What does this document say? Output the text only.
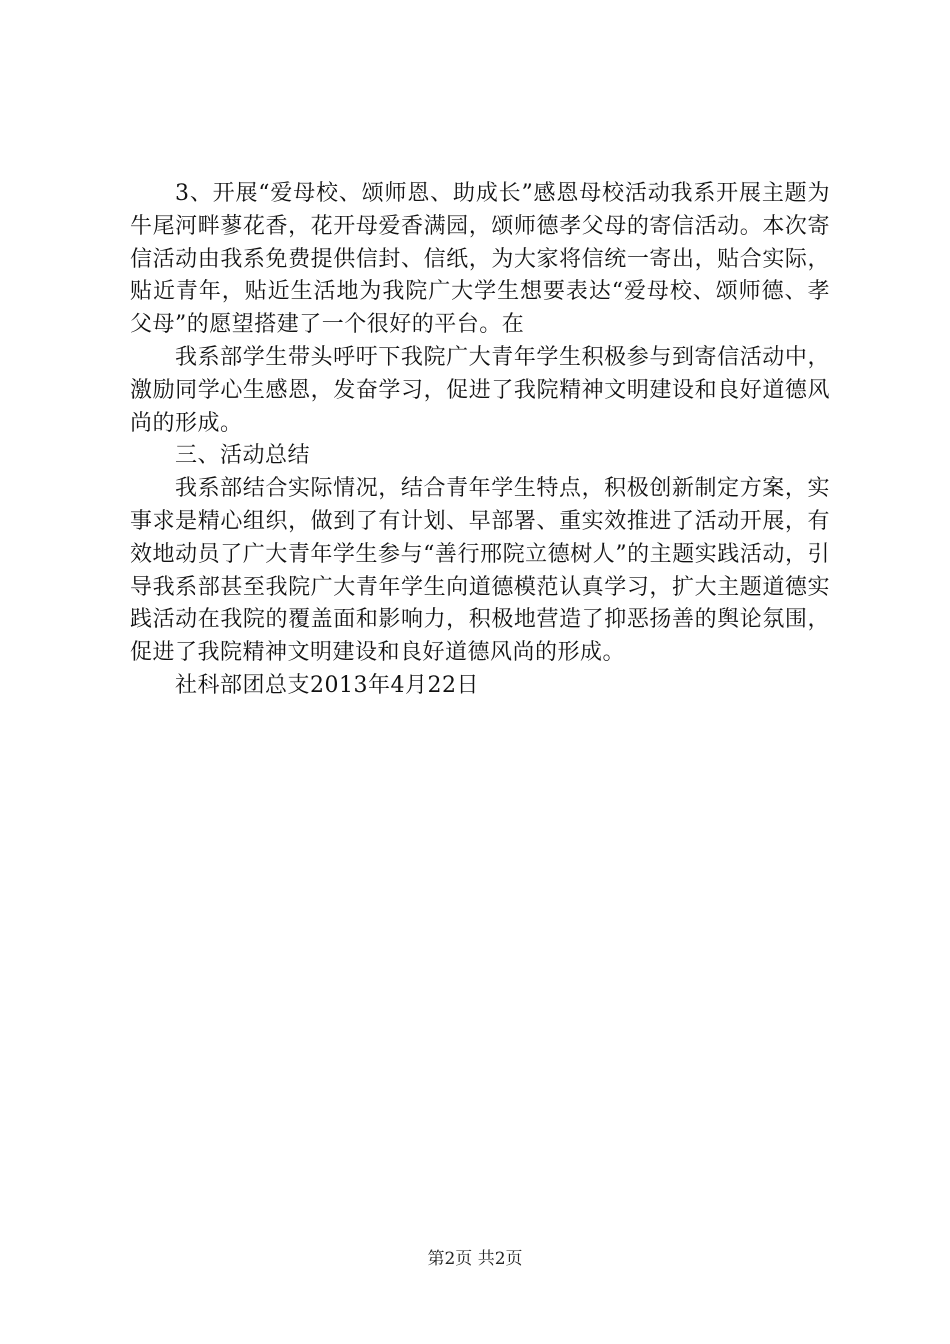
3、开展“爱母校、颂师恩、助成长”感恩母校活动我系开展主题为牛尾河畔蓼花香，花开母爱香满园，颂师德孝父母的寄信活动。本次寄信活动由我系免费提供信封、信纸，为大家将信统一寄出，贴合实际，贴近青年，贴近生活地为我院广大学生想要表达“爱母校、颂师德、孝父母”的愿望搭建了一个很好的平台。在

我系部学生带头呼吁下我院广大青年学生积极参与到寄信活动中，激励同学心生感恩，发奋学习，促进了我院精神文明建设和良好道德风尚的形成。

三、活动总结

我系部结合实际情况，结合青年学生特点，积极创新制定方案，实事求是精心组织，做到了有计划、早部署、重实效推进了活动开展，有效地动员了广大青年学生参与“善行邢院立德树人”的主题实践活动，引导我系部甚至我院广大青年学生向道德模范认真学习，扩大主题道德实践活动在我院的覆盖面和影响力，积极地营造了抑恶扬善的舆论氛围，促进了我院精神文明建设和良好道德风尚的形成。

社科部团总支2013年4月22日

第2页 共2页
